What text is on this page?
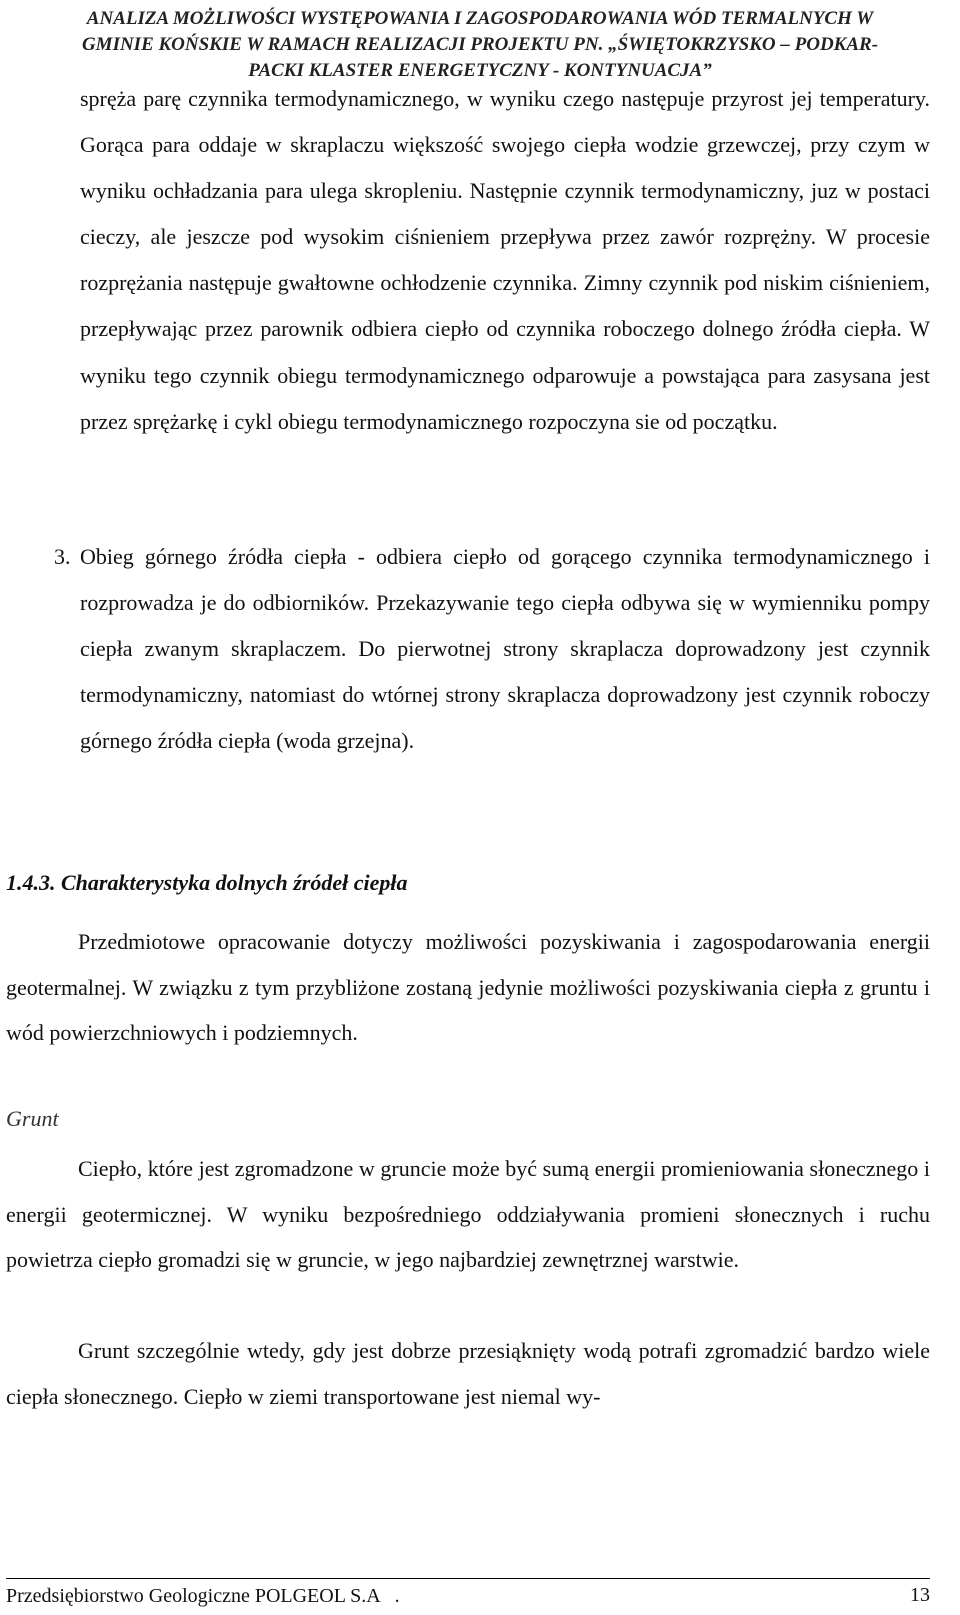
ANALIZA MOŻLIWOŚCI WYSTĘPOWANIA I ZAGOSPODAROWANIA WÓD TERMALNYCH W
GMINIE KOŃSKIE W RAMACH REALIZACJI PROJEKTU PN. „ŚWIĘTOKRZYSKO – PODKAR-
PACKI KLASTER ENERGETYCZNY - KONTYNUACJA”
spręża parę czynnika termodynamicznego, w wyniku czego następuje przyrost jej temperatury. Gorąca para oddaje w skraplaczu większość swojego ciepła wodzie grzewczej, przy czym w wyniku ochładzania para ulega skropleniu. Następnie czynnik termodynamiczny, juz w postaci cieczy, ale jeszcze pod wysokim ciśnieniem przepływa przez zawór rozprężny. W procesie rozprężania następuje gwałtowne ochłodzenie czynnika. Zimny czynnik pod niskim ciśnieniem, przepływając przez parownik odbiera ciepło od czynnika roboczego dolnego źródła ciepła. W wyniku tego czynnik obiegu termodynamicznego odparowuje a powstająca para zasysana jest przez sprężarkę i cykl obiegu termodynamicznego rozpoczyna sie od początku.
3. Obieg górnego źródła ciepła - odbiera ciepło od gorącego czynnika termodynamicznego i rozprowadza je do odbiorników. Przekazywanie tego ciepła odbywa się w wymienniku pompy ciepła zwanym skraplaczem. Do pierwotnej strony skraplacza doprowadzony jest czynnik termodynamiczny, natomiast do wtórnej strony skraplacza doprowadzony jest czynnik roboczy górnego źródła ciepła (woda grzejna).
1.4.3. Charakterystyka dolnych źródeł ciepła
Przedmiotowe opracowanie dotyczy możliwości pozyskiwania i zagospodarowania energii geotermalnej. W związku z tym przybliżone zostaną jedynie możliwości pozyskiwania ciepła z gruntu i wód powierzchniowych i podziemnych.
Grunt
Ciepło, które jest zgromadzone w gruncie może być sumą energii promieniowania słonecznego i energii geotermicznej. W wyniku bezpośredniego oddziaływania promieni słonecznych i ruchu powietrza ciepło gromadzi się w gruncie, w jego najbardziej zewnętrznej warstwie.
Grunt szczególnie wtedy, gdy jest dobrze przesiąknięty wodą potrafi zgromadzić bardzo wiele ciepła słonecznego. Ciepło w ziemi transportowane jest niemal wy-
Przedsiębiorstwo Geologiczne POLGEOL S.A   .	13
